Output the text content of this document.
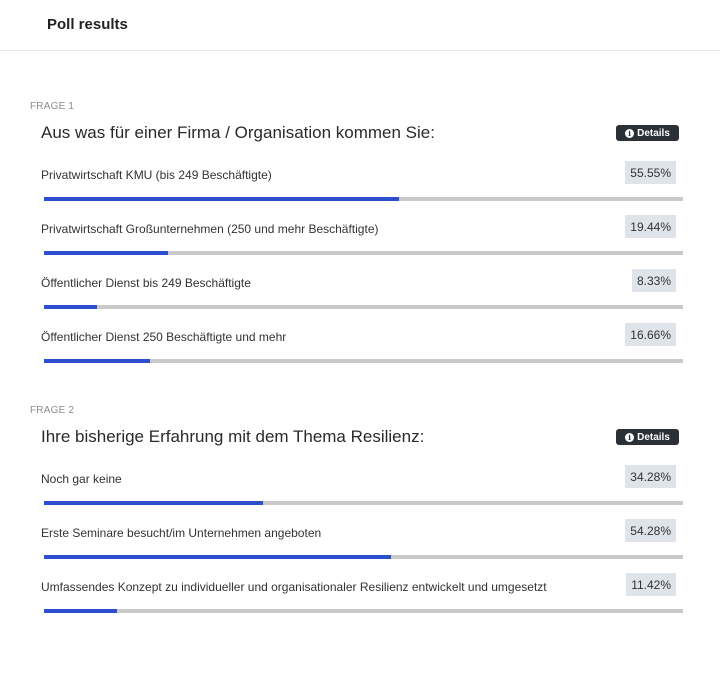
Poll results
FRAGE 1
Aus was für einer Firma / Organisation kommen Sie:	i Details
Privatwirtschaft KMU (bis 249 Beschäftigte)	55.55%
Privatwirtschaft Großunternehmen (250 und mehr Beschäftigte)	19.44%
Öffentlicher Dienst bis 249 Beschäftigte	8.33%
Öffentlicher Dienst 250 Beschäftigte und mehr	16.66%
FRAGE 2
Ihre bisherige Erfahrung mit dem Thema Resilienz:	i Details
Noch gar keine	34.28%
Erste Seminare besucht/im Unternehmen angeboten	54.28%
Umfassendes Konzept zu individueller und organisationaler Resilienz entwickelt und umgesetzt	11.42%
